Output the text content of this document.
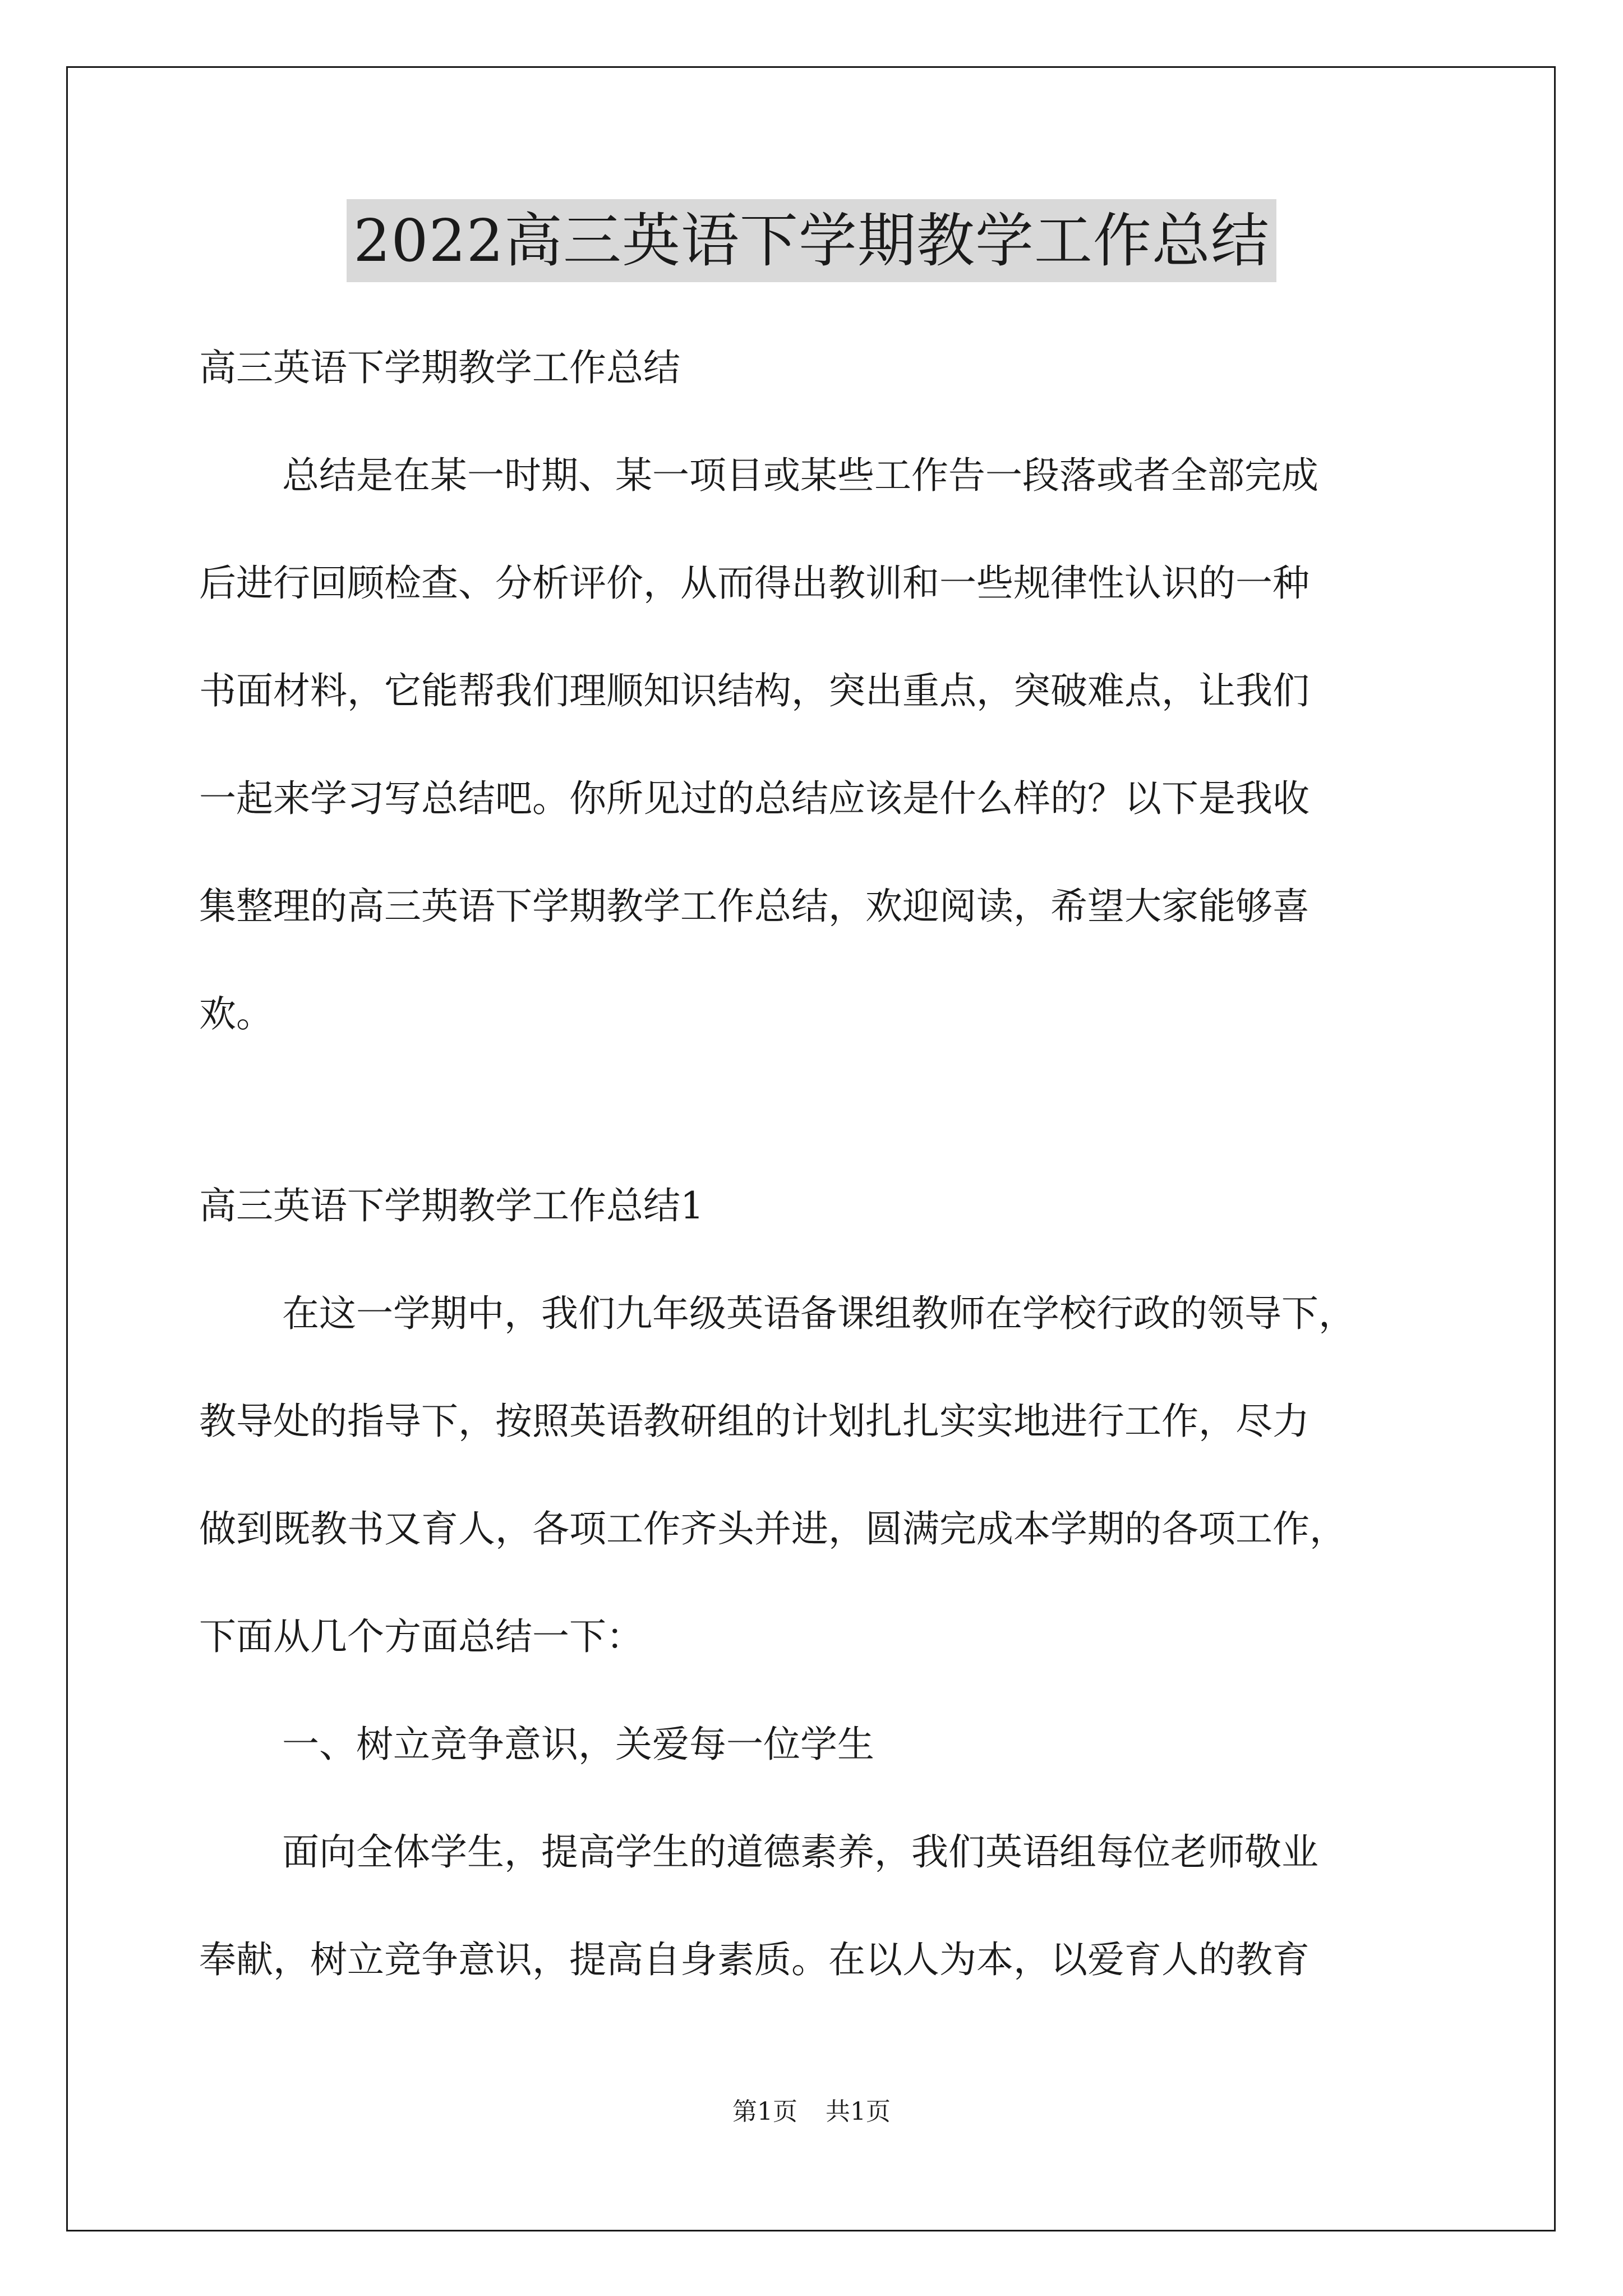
2022高三英语下学期教学工作总结

高三英语下学期教学工作总结

总结是在某一时期、某一项目或某些工作告一段落或者全部完成

后进行回顾检查、分析评价，从而得出教训和一些规律性认识的一种

书面材料，它能帮我们理顺知识结构，突出重点，突破难点，让我们

一起来学习写总结吧。你所见过的总结应该是什么样的？以下是我收

集整理的高三英语下学期教学工作总结，欢迎阅读，希望大家能够喜

欢。

高三英语下学期教学工作总结1

在这一学期中，我们九年级英语备课组教师在学校行政的领导下，

教导处的指导下，按照英语教研组的计划扎扎实实地进行工作，尽力

做到既教书又育人，各项工作齐头并进，圆满完成本学期的各项工作，

下面从几个方面总结一下：

一、树立竞争意识，关爱每一位学生

面向全体学生，提高学生的道德素养，我们英语组每位老师敬业

奉献，树立竞争意识，提高自身素质。在以人为本，以爱育人的教育

第1页 共1页
